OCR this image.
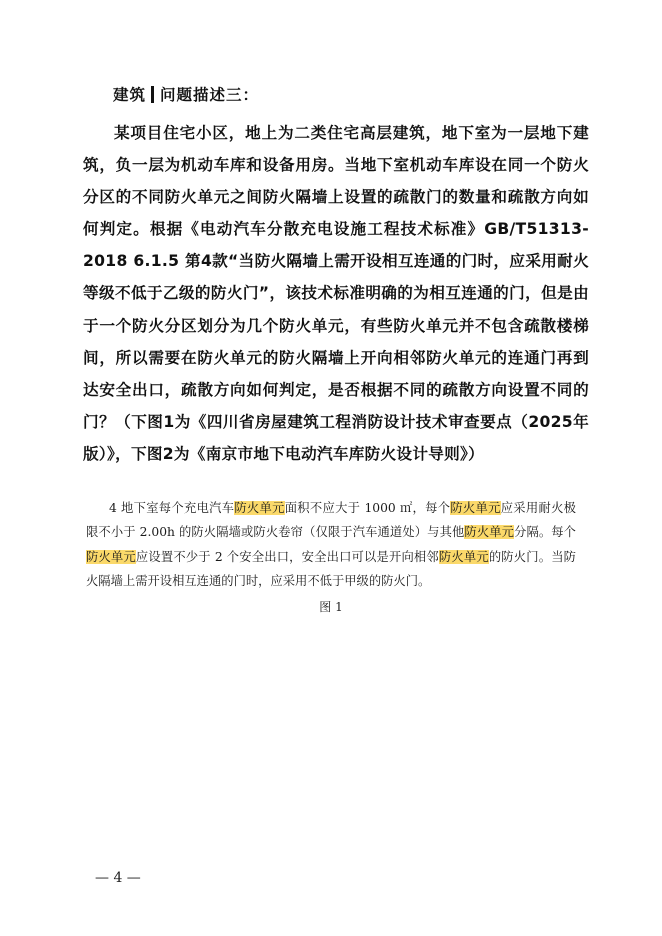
建筑 问题描述三：

某项目住宅小区，地上为二类住宅高层建筑，地下室为一层地下建筑，负一层为机动车库和设备用房。当地下室机动车库设在同一个防火分区的不同防火单元之间防火隔墙上设置的疏散门的数量和疏散方向如何判定。根据《电动汽车分散充电设施工程技术标准》GB/T51313-2018 6.1.5 第4款“当防火隔墙上需开设相互连通的门时，应采用耐火等级不低于乙级的防火门”，该技术标准明确的为相互连通的门，但是由于一个防火分区划分为几个防火单元，有些防火单元并不包含疏散楼梯间，所以需要在防火单元的防火隔墙上开向相邻防火单元的连通门再到达安全出口，疏散方向如何判定，是否根据不同的疏散方向设置不同的门？（下图1为《四川省房屋建筑工程消防设计技术审查要点（2025年版）》，下图2为《南京市地下电动汽车库防火设计导则》）

4 地下室每个充电汽车防火单元面积不应大于 1000 ㎡，每个防火单元应采用耐火极限不小于 2.00h 的防火隔墙或防火卷帘（仅限于汽车通道处）与其他防火单元分隔。每个防火单元应设置不少于 2 个安全出口，安全出口可以是开向相邻防火单元的防火门。当防火隔墙上需开设相互连通的门时，应采用不低于甲级的防火门。

图 1
— 4 —
